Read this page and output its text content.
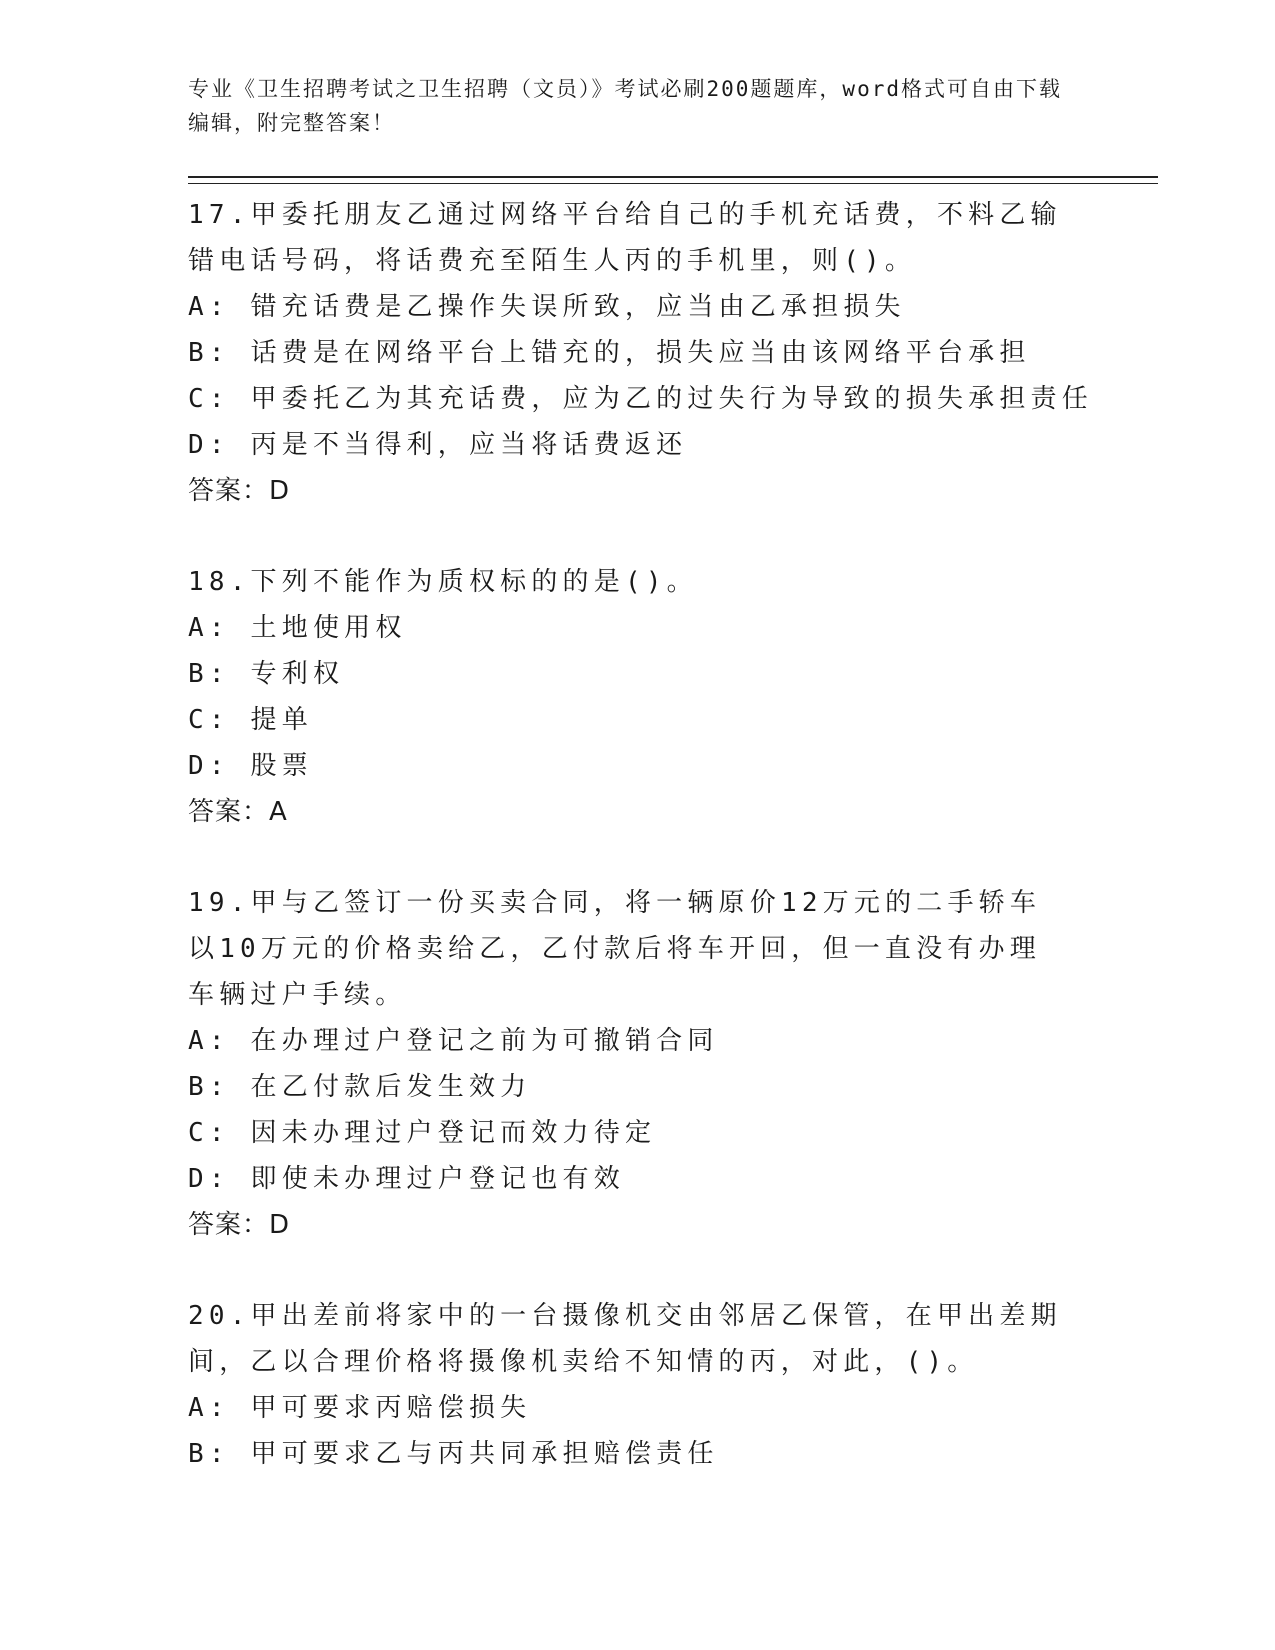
专业《卫生招聘考试之卫生招聘（文员）》考试必刷200题题库，word格式可自由下载编辑，附完整答案！

17.甲委托朋友乙通过网络平台给自己的手机充话费，不料乙输错电话号码，将话费充至陌生人丙的手机里，则()。

A: 错充话费是乙操作失误所致，应当由乙承担损失

B: 话费是在网络平台上错充的，损失应当由该网络平台承担

C: 甲委托乙为其充话费，应为乙的过失行为导致的损失承担责任

D: 丙是不当得利，应当将话费返还

答案：D

18.下列不能作为质权标的的是()。

A: 土地使用权

B: 专利权

C: 提单

D: 股票

答案：A

19.甲与乙签订一份买卖合同，将一辆原价12万元的二手轿车以10万元的价格卖给乙，乙付款后将车开回，但一直没有办理车辆过户手续。

A: 在办理过户登记之前为可撤销合同

B: 在乙付款后发生效力

C: 因未办理过户登记而效力待定

D: 即使未办理过户登记也有效

答案：D

20.甲出差前将家中的一台摄像机交由邻居乙保管，在甲出差期间，乙以合理价格将摄像机卖给不知情的丙，对此，()。

A: 甲可要求丙赔偿损失

B: 甲可要求乙与丙共同承担赔偿责任
